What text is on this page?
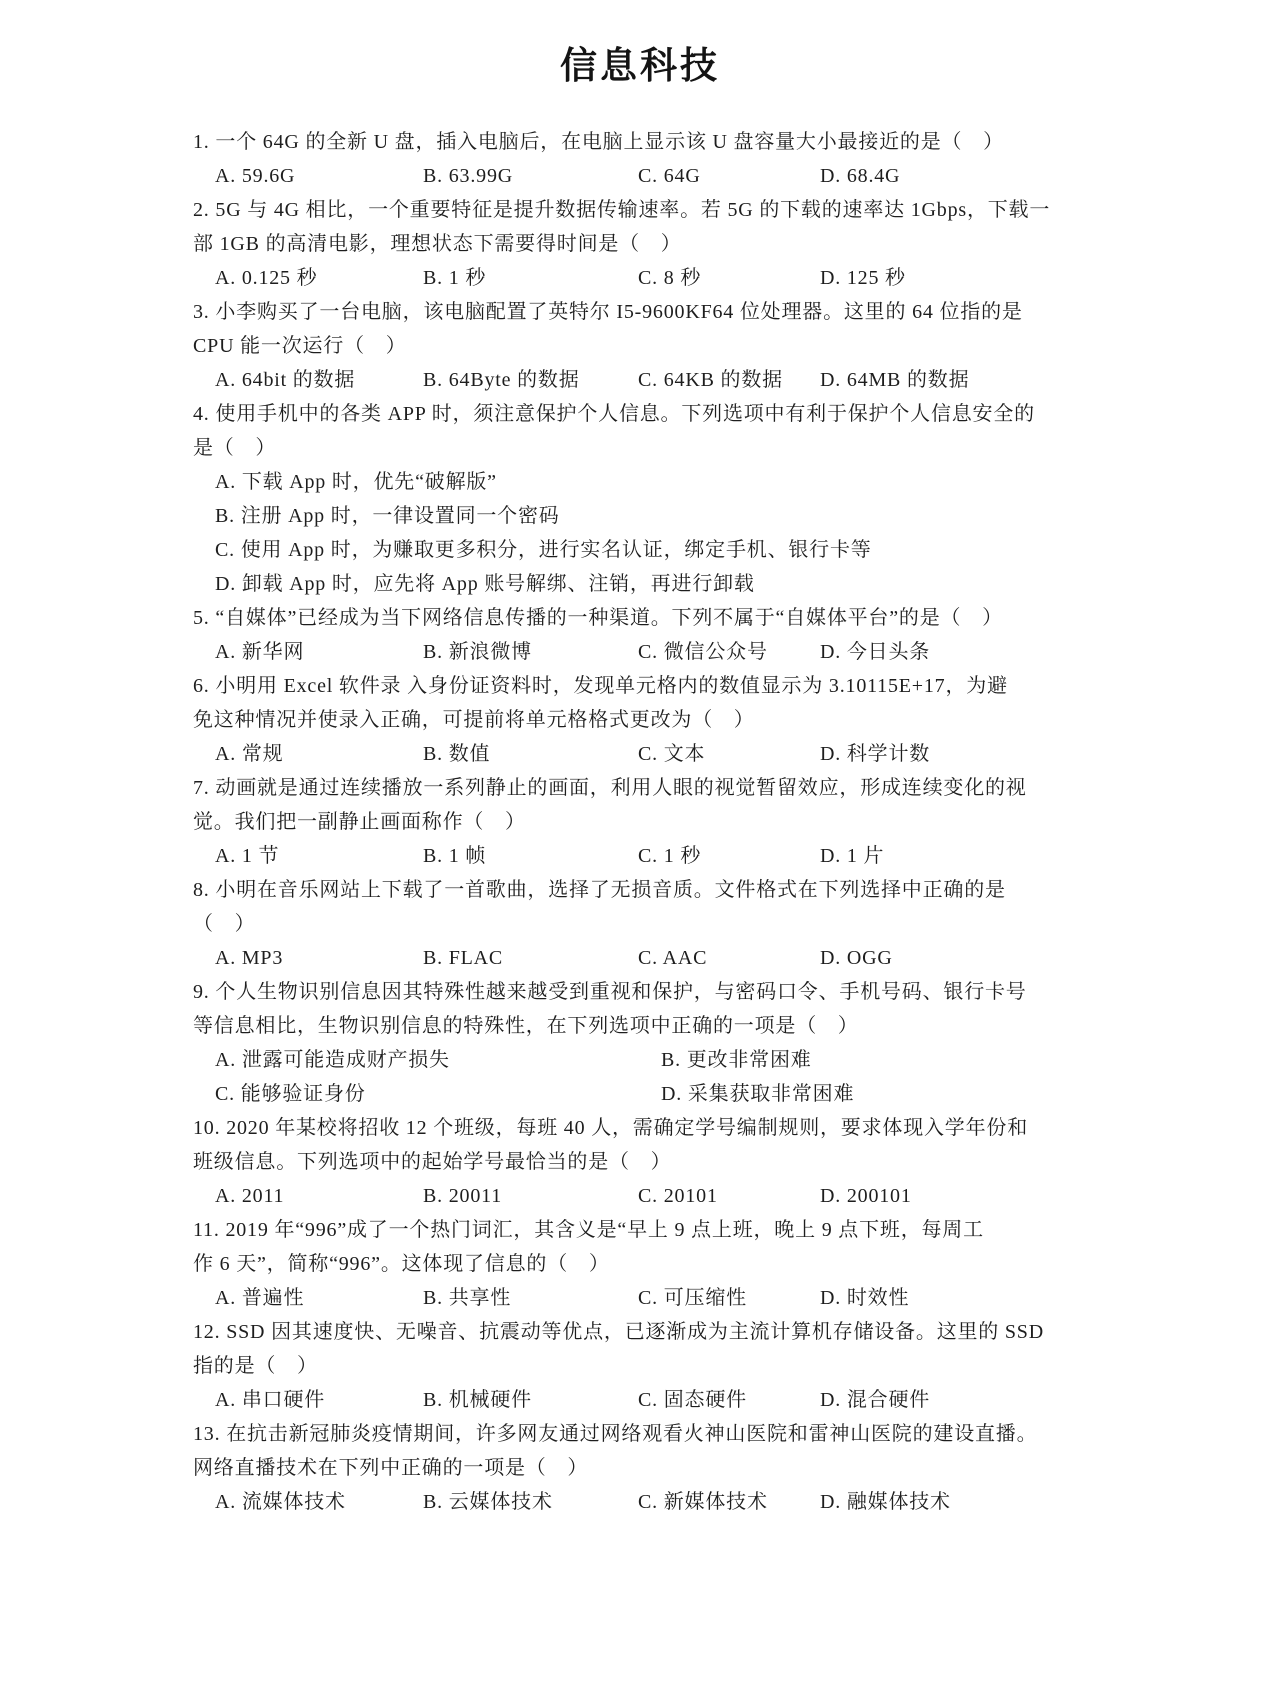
信息科技
1. 一个 64G 的全新 U 盘，插入电脑后，在电脑上显示该 U 盘容量大小最接近的是（　）
A. 59.6G	B. 63.99G	C. 64G	D. 68.4G
2. 5G 与 4G 相比，一个重要特征是提升数据传输速率。若 5G 的下载的速率达 1Gbps，下载一
部 1GB 的高清电影，理想状态下需要得时间是（　）
A. 0.125 秒	B. 1 秒	C. 8 秒	D. 125 秒
3. 小李购买了一台电脑，该电脑配置了英特尔 I5-9600KF64 位处理器。这里的 64 位指的是
CPU 能一次运行（　）
A. 64bit 的数据	B. 64Byte 的数据	C. 64KB 的数据	D. 64MB 的数据
4. 使用手机中的各类 APP 时，须注意保护个人信息。下列选项中有利于保护个人信息安全的
是（　）
A. 下载 App 时，优先“破解版”
B. 注册 App 时，一律设置同一个密码
C. 使用 App 时，为赚取更多积分，进行实名认证，绑定手机、银行卡等
D. 卸载 App 时，应先将 App 账号解绑、注销，再进行卸载
5. “自媒体”已经成为当下网络信息传播的一种渠道。下列不属于“自媒体平台”的是（　）
A. 新华网	B. 新浪微博	C. 微信公众号	D. 今日头条
6. 小明用 Excel 软件录 入身份证资料时，发现单元格内的数值显示为 3.10115E+17，为避
免这种情况并使录入正确，可提前将单元格格式更改为（　）
A. 常规	B. 数值	C. 文本	D. 科学计数
7. 动画就是通过连续播放一系列静止的画面，利用人眼的视觉暂留效应，形成连续变化的视
觉。我们把一副静止画面称作（　）
A. 1 节	B. 1 帧	C. 1 秒	D. 1 片
8. 小明在音乐网站上下载了一首歌曲，选择了无损音质。文件格式在下列选择中正确的是
（　）
A. MP3	B. FLAC	C. AAC	D. OGG
9. 个人生物识别信息因其特殊性越来越受到重视和保护，与密码口令、手机号码、银行卡号
等信息相比，生物识别信息的特殊性，在下列选项中正确的一项是（　）
A. 泄露可能造成财产损失	B. 更改非常困难
C. 能够验证身份	D. 采集获取非常困难
10. 2020 年某校将招收 12 个班级，每班 40 人，需确定学号编制规则，要求体现入学年份和
班级信息。下列选项中的起始学号最恰当的是（　）
A. 2011	B. 20011	C. 20101	D. 200101
11. 2019 年“996”成了一个热门词汇，其含义是“早上 9 点上班，晚上 9 点下班，每周工
作 6 天”，简称“996”。这体现了信息的（　）
A. 普遍性	B. 共享性	C. 可压缩性	D. 时效性
12. SSD 因其速度快、无噪音、抗震动等优点，已逐渐成为主流计算机存储设备。这里的 SSD
指的是（　）
A. 串口硬件	B. 机械硬件	C. 固态硬件	D. 混合硬件
13. 在抗击新冠肺炎疫情期间，许多网友通过网络观看火神山医院和雷神山医院的建设直播。
网络直播技术在下列中正确的一项是（　）
A. 流媒体技术	B. 云媒体技术	C. 新媒体技术	D. 融媒体技术
